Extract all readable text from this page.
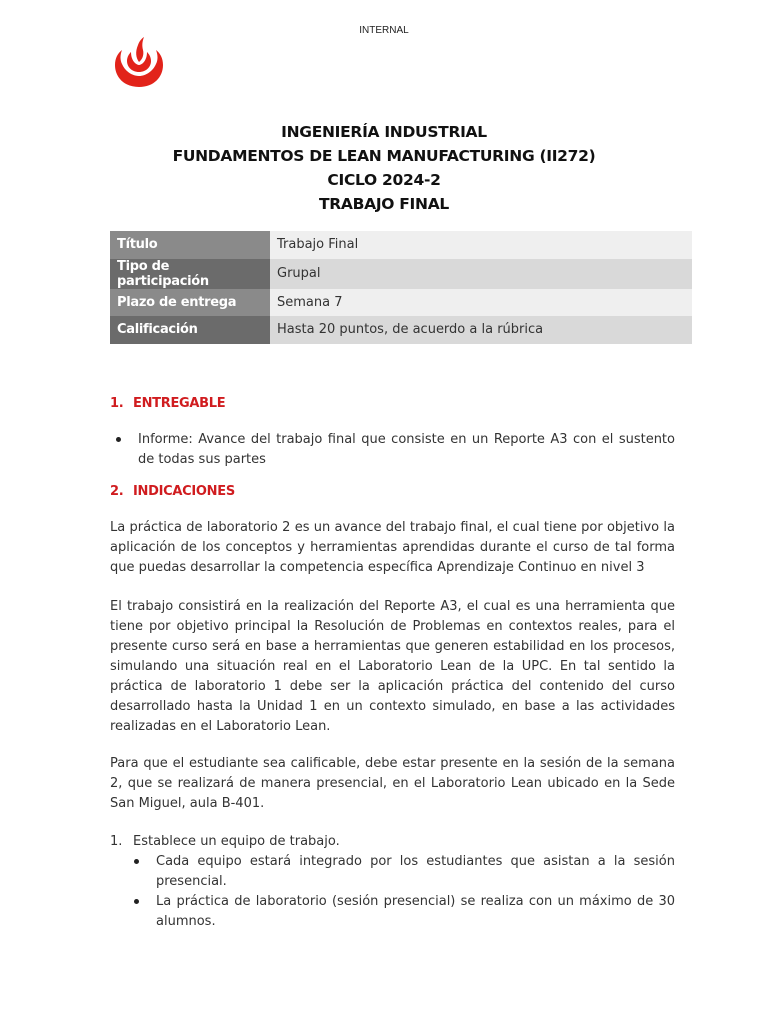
INTERNAL
INGENIERÍA INDUSTRIAL
FUNDAMENTOS DE LEAN MANUFACTURING (II272)
CICLO 2024-2
TRABAJO FINAL
Título	Trabajo Final
Tipo de participación	Grupal
Plazo de entrega	Semana 7
Calificación	Hasta 20 puntos, de acuerdo a la rúbrica
1. ENTREGABLE
Informe: Avance del trabajo final que consiste en un Reporte A3 con el sustento de todas sus partes
2. INDICACIONES

La práctica de laboratorio 2 es un avance del trabajo final, el cual tiene por objetivo la aplicación de los conceptos y herramientas aprendidas durante el curso de tal forma que puedas desarrollar la competencia específica Aprendizaje Continuo en nivel 3

El trabajo consistirá en la realización del Reporte A3, el cual es una herramienta que tiene por objetivo principal la Resolución de Problemas en contextos reales, para el presente curso será en base a herramientas que generen estabilidad en los procesos, simulando una situación real en el Laboratorio Lean de la UPC. En tal sentido la práctica de laboratorio 1 debe ser la aplicación práctica del contenido del curso desarrollado hasta la Unidad 1 en un contexto simulado, en base a las actividades realizadas en el Laboratorio Lean.

Para que el estudiante sea calificable, debe estar presente en la sesión de la semana 2, que se realizará de manera presencial, en el Laboratorio Lean ubicado en la Sede San Miguel, aula B-401.

1. Establece un equipo de trabajo.
Cada equipo estará integrado por los estudiantes que asistan a la sesión presencial.
La práctica de laboratorio (sesión presencial) se realiza con un máximo de 30 alumnos.
